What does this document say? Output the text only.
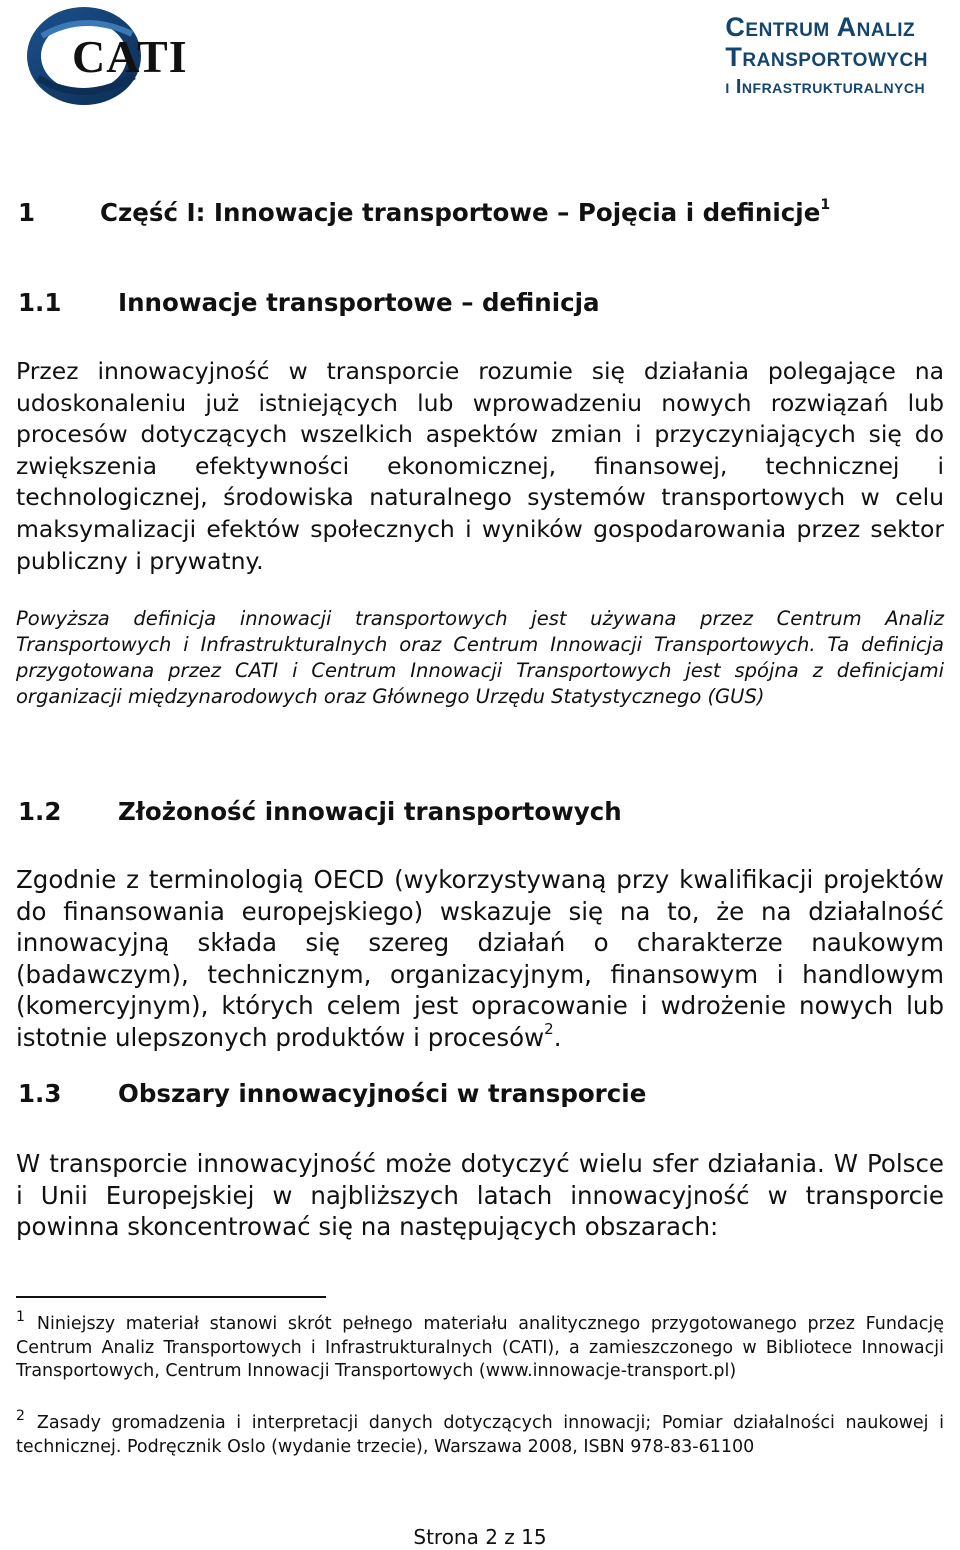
CATI
Centrum Analiz
Transportowych
i Infrastrukturalnych
1	Część I: Innowacje transportowe – Pojęcia i definicje$^1$
1.1 Innowacje transportowe – definicja
Przez innowacyjność w transporcie rozumie się działania polegające na udoskonaleniu już istniejących lub wprowadzeniu nowych rozwiązań lub procesów dotyczących wszelkich aspektów zmian i przyczyniających się do zwiększenia efektywności ekonomicznej, finansowej, technicznej i technologicznej, środowiska naturalnego systemów transportowych w celu maksymalizacji efektów społecznych i wyników gospodarowania przez sektor publiczny i prywatny.
Powyższa definicja innowacji transportowych jest używana przez Centrum Analiz Transportowych i Infrastrukturalnych oraz Centrum Innowacji Transportowych. Ta definicja przygotowana przez CATI i Centrum Innowacji Transportowych jest spójna z definicjami organizacji międzynarodowych oraz Głównego Urzędu Statystycznego (GUS)
1.2 Złożoność innowacji transportowych
Zgodnie z terminologią OECD (wykorzystywaną przy kwalifikacji projektów do finansowania europejskiego) wskazuje się na to, że na działalność innowacyjną składa się szereg działań o charakterze naukowym (badawczym), technicznym, organizacyjnym, finansowym i handlowym (komercyjnym), których celem jest opracowanie i wdrożenie nowych lub istotnie ulepszonych produktów i procesów$^2$.
1.3 Obszary innowacyjności w transporcie
W transporcie innowacyjność może dotyczyć wielu sfer działania. W Polsce i Unii Europejskiej w najbliższych latach innowacyjność w transporcie powinna skoncentrować się na następujących obszarach:
$^1$ Niniejszy materiał stanowi skrót pełnego materiału analitycznego przygotowanego przez Fundację Centrum Analiz Transportowych i Infrastrukturalnych (CATI), a zamieszczonego w Bibliotece Innowacji Transportowych, Centrum Innowacji Transportowych (www.innowacje-transport.pl)
$^2$ Zasady gromadzenia i interpretacji danych dotyczących innowacji; Pomiar działalności naukowej i technicznej. Podręcznik Oslo (wydanie trzecie), Warszawa 2008, ISBN 978-83-61100
Strona 2 z 15
